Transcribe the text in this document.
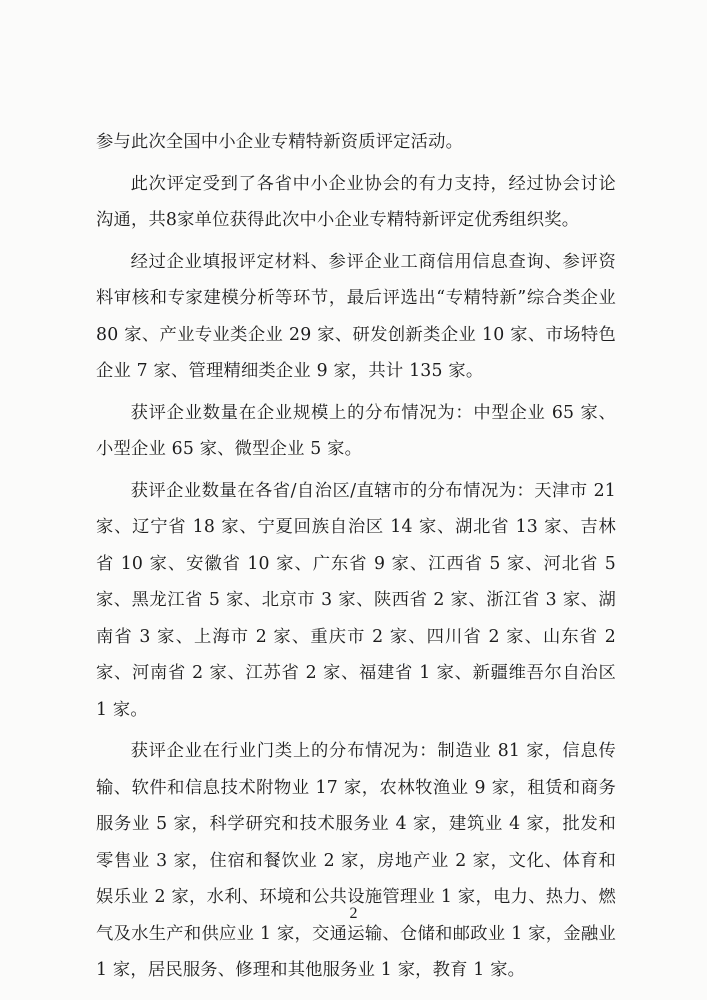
参与此次全国中小企业专精特新资质评定活动。

此次评定受到了各省中小企业协会的有力支持，经过协会讨论沟通，共8家单位获得此次中小企业专精特新评定优秀组织奖。

经过企业填报评定材料、参评企业工商信用信息查询、参评资料审核和专家建模分析等环节，最后评选出“专精特新”综合类企业 80 家、产业专业类企业 29 家、研发创新类企业 10 家、市场特色企业 7 家、管理精细类企业 9 家，共计 135 家。

获评企业数量在企业规模上的分布情况为：中型企业 65 家、小型企业 65 家、微型企业 5 家。

获评企业数量在各省/自治区/直辖市的分布情况为：天津市 21 家、辽宁省 18 家、宁夏回族自治区 14 家、湖北省 13 家、吉林省 10 家、安徽省 10 家、广东省 9 家、江西省 5 家、河北省 5 家、黑龙江省 5 家、北京市 3 家、陕西省 2 家、浙江省 3 家、湖南省 3 家、上海市 2 家、重庆市 2 家、四川省 2 家、山东省 2 家、河南省 2 家、江苏省 2 家、福建省 1 家、新疆维吾尔自治区 1 家。

获评企业在行业门类上的分布情况为：制造业 81 家，信息传输、软件和信息技术附物业 17 家，农林牧渔业 9 家，租赁和商务服务业 5 家，科学研究和技术服务业 4 家，建筑业 4 家，批发和零售业 3 家，住宿和餐饮业 2 家，房地产业 2 家，文化、体育和娱乐业 2 家，水利、环境和公共设施管理业 1 家，电力、热力、燃气及水生产和供应业 1 家，交通运输、仓储和邮政业 1 家，金融业 1 家，居民服务、修理和其他服务业 1 家，教育 1 家。

2
